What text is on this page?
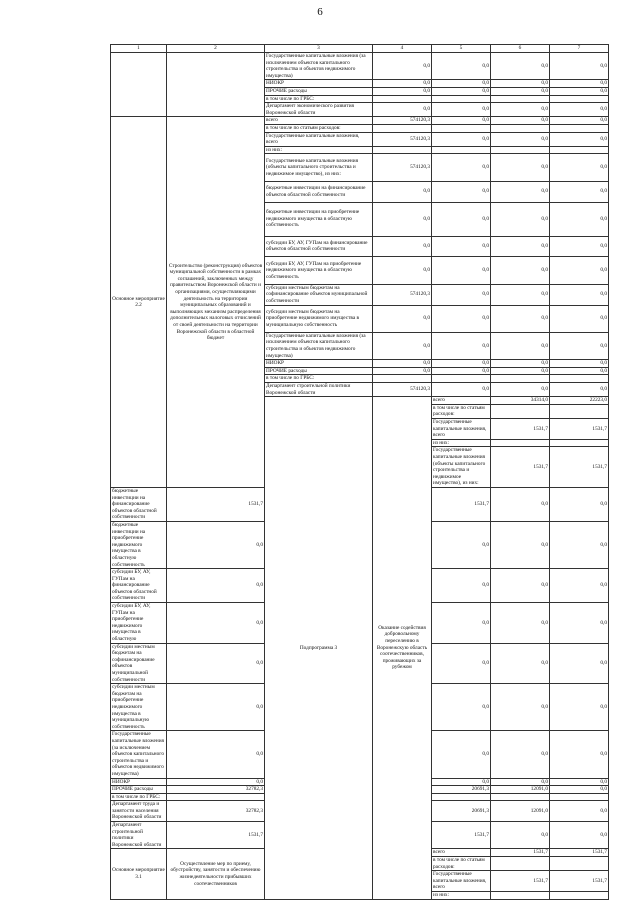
6
1	2	3	4	5	6	7	
		Государственные капитальные вложения (за исключением объектов капитального строительства и объектов недвижимого имущества)	0,0	0,0	0,0	0,0	
		НИОКР	0,0	0,0	0,0	0,0	
		ПРОЧИЕ расходы	0,0	0,0	0,0	0,0	
		в том числе по ГРБС:					
		Департамент экономического развития Воронежской области	0,0	0,0	0,0	0,0	
Основное мероприятие 2.2	Строительство (реконструкция) объектов муниципальной собственности в рамках соглашений, заключенных между правительством Воронежской области и организациями, осуществляющими деятельность на территории муниципальных образований и выполняющих механизм распределения дополнительных налоговых отчислений от своей деятельности на территории Воронежской области в областной бюджет	всего	574120,3	0,0	0,0	0,0	
		в том числе по статьям расходов:					
		Государственные капитальные вложения, всего	574120,3	0,0	0,0	0,0	
		из них:					
		Государственные капитальные вложения (объекты капитального строительства и недвижимое имущество), из них:	574120,3	0,0	0,0	0,0	
		бюджетные инвестиции на финансирование объектов областной собственности	0,0	0,0	0,0	0,0	
		бюджетные инвестиции на приобретение недвижимого имущества в областную собственность	0,0	0,0	0,0	0,0	
		субсидии БУ, АУ, ГУПам на финансирование объектов областной собственности	0,0	0,0	0,0	0,0	
		субсидии БУ, АУ, ГУПам на приобретение недвижимого имущества в областную собственность	0,0	0,0	0,0	0,0	
		субсидии местным бюджетам на софинансирование объектов муниципальной собственности	574120,3	0,0	0,0	0,0	
		субсидии местным бюджетам на приобретение недвижимого имущества в муниципальную собственность	0,0	0,0	0,0	0,0	
		Государственные капитальные вложения (за исключением объектов капитального строительства и объектов недвижимого имущества)	0,0	0,0	0,0	0,0	
		НИОКР	0,0	0,0	0,0	0,0	
		ПРОЧИЕ расходы	0,0	0,0	0,0	0,0	
		в том числе по ГРБС:					
		Департамент строительной политики Воронежской области	574120,3	0,0	0,0	0,0	
		Подпрограмма 3	Оказание содействия добровольному переселению в Воронежскую область соотечественников, проживающих за рубежом	всего	34314,0	22223,0		
				в том числе по статьям расходов:				
				Государственные капитальные вложения, всего	1531,7	1531,7		
				из них:				
				Государственные капитальные вложения (объекты капитального строительства и недвижимое имущество), из них:	1531,7	1531,7		
бюджетные инвестиции на финансирование объектов областной собственности	1531,7			1531,7	0,0	0,0	
бюджетные инвестиции на приобретение недвижимого имущества в областную собственность	0,0			0,0	0,0	0,0	
субсидии БУ, АУ, ГУПам на финансирование объектов областной собственности	0,0			0,0	0,0	0,0	
субсидии БУ, АУ, ГУПам на приобретение недвижимого имущества в областную	0,0			0,0	0,0	0,0	
субсидии местным бюджетам на софинансирование объектов муниципальной собственности	0,0			0,0	0,0	0,0	
субсидии местным бюджетам на приобретение недвижимого имущества в муниципальную собственность	0,0			0,0	0,0	0,0	
Государственные капитальные вложения (за исключением объектов капитального строительства и объектов недвижимого имущества)	0,0			0,0	0,0	0,0	
НИОКР	0,0			0,0	0,0	0,0	
ПРОЧИЕ расходы	32782,3			20691,3	12091,0	0,0	
в том числе по ГРБС:							
Департамент труда и занятости населения Воронежской области	32782,3			20691,3	12091,0	0,0	
Департамент строительной политики Воронежской области	1531,7			1531,7	0,0	0,0	
Основное мероприятие 3.1	Осуществление мер по приему, обустройству, занятости и обеспечению жизнедеятельности прибывших соотечественников			всего	1531,7	1531,7		
				в том числе по статьям расходов:				
				Государственные капитальные вложения, всего	1531,7	1531,7		
				из них:				
